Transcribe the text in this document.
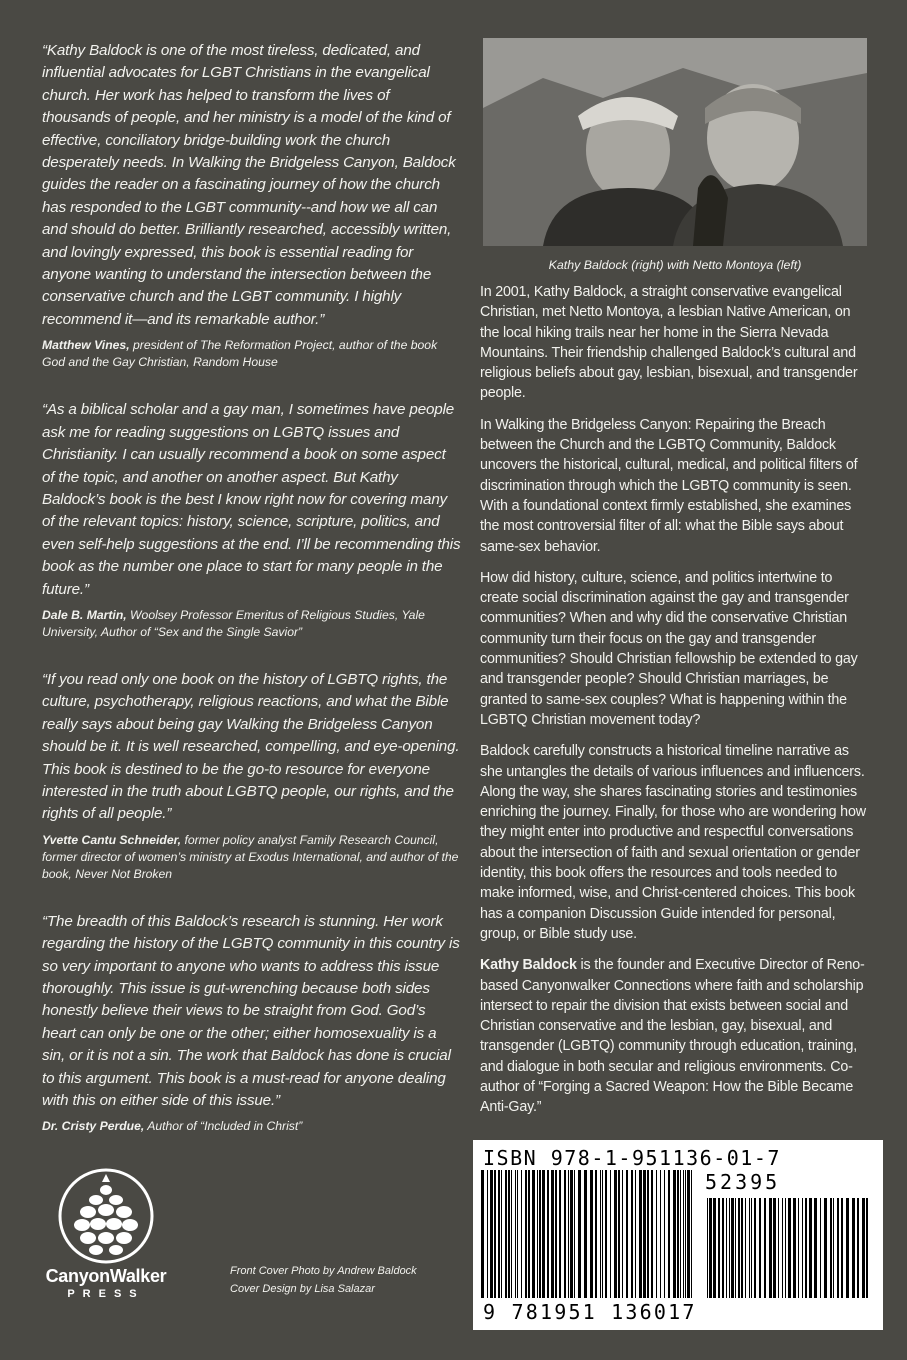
“Kathy Baldock is one of the most tireless, dedicated, and influential advocates for LGBT Christians in the evangelical church. Her work has helped to transform the lives of thousands of people, and her ministry is a model of the kind of effective, conciliatory bridge-building work the church desperately needs. In Walking the Bridgeless Canyon, Baldock guides the reader on a fascinating journey of how the church has responded to the LGBT community--and how we all can and should do better. Brilliantly researched, accessibly written, and lovingly expressed, this book is essential reading for anyone wanting to understand the intersection between the conservative church and the LGBT community. I highly recommend it—and its remarkable author.”

Matthew Vines, president of The Reformation Project, author of the book God and the Gay Christian, Random House

“As a biblical scholar and a gay man, I sometimes have people ask me for reading suggestions on LGBTQ issues and Christianity. I can usually recommend a book on some aspect of the topic, and another on another aspect. But Kathy Baldock’s book is the best I know right now for covering many of the relevant topics: history, science, scripture, politics, and even self-help suggestions at the end. I’ll be recommending this book as the number one place to start for many people in the future.”

Dale B. Martin, Woolsey Professor Emeritus of Religious Studies, Yale University, Author of “Sex and the Single Savior”

“If you read only one book on the history of LGBTQ rights, the culture, psychotherapy, religious reactions, and what the Bible really says about being gay Walking the Bridgeless Canyon should be it. It is well researched, compelling, and eye-opening. This book is destined to be the go-to resource for everyone interested in the truth about LGBTQ people, our rights, and the rights of all people.”

Yvette Cantu Schneider, former policy analyst Family Research Council, former director of women’s ministry at Exodus International, and author of the book, Never Not Broken

“The breadth of this Baldock’s research is stunning. Her work regarding the history of the LGBTQ community in this country is so very important to anyone who wants to address this issue thoroughly. This issue is gut-wrenching because both sides honestly believe their views to be straight from God. God’s heart can only be one or the other; either homosexuality is a sin, or it is not a sin. The work that Baldock has done is crucial to this argument. This book is a must-read for anyone dealing with this on either side of this issue.”

Dr. Cristy Perdue, Author of “Included in Christ”

Kathy Baldock (right) with Netto Montoya (left)

In 2001, Kathy Baldock, a straight conservative evangelical Christian, met Netto Montoya, a lesbian Native American, on the local hiking trails near her home in the Sierra Nevada Mountains. Their friendship challenged Baldock’s cultural and religious beliefs about gay, lesbian, bisexual, and transgender people.

In Walking the Bridgeless Canyon: Repairing the Breach between the Church and the LGBTQ Community, Baldock uncovers the historical, cultural, medical, and political filters of discrimination through which the LGBTQ community is seen. With a foundational context firmly established, she examines the most controversial filter of all: what the Bible says about same-sex behavior.

How did history, culture, science, and politics intertwine to create social discrimination against the gay and transgender communities? When and why did the conservative Christian community turn their focus on the gay and transgender communities? Should Christian fellowship be extended to gay and transgender people? Should Christian marriages, be granted to same-sex couples? What is happening within the LGBTQ Christian movement today?

Baldock carefully constructs a historical timeline narrative as she untangles the details of various influences and influencers. Along the way, she shares fascinating stories and testimonies enriching the journey. Finally, for those who are wondering how they might enter into productive and respectful conversations about the intersection of faith and sexual orientation or gender identity, this book offers the resources and tools needed to make informed, wise, and Christ-centered choices. This book has a companion Discussion Guide intended for personal, group, or Bible study use.

Kathy Baldock is the founder and Executive Director of Reno-based Canyonwalker Connections where faith and scholarship intersect to repair the division that exists between social and Christian conservative and the lesbian, gay, bisexual, and transgender (LGBTQ) community through education, training, and dialogue in both secular and religious environments. Co-author of “Forging a Sacred Weapon: How the Bible Became Anti-Gay.”

ISBN 978-1-951136-01-7
52395
9 781951 136017
CanyonWalker
PRESS
Front Cover Photo by Andrew Baldock
Cover Design by Lisa Salazar
